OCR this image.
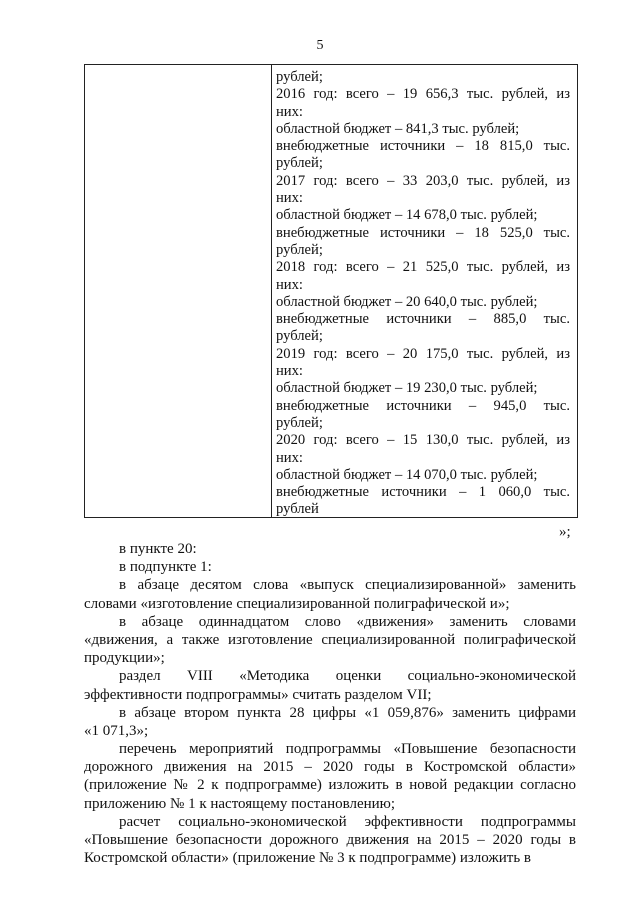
5
рублей;
2016 год: всего – 19 656,3 тыс. рублей, из
них:
областной бюджет – 841,3 тыс. рублей;
внебюджетные источники – 18 815,0 тыс.
рублей;
2017 год: всего – 33 203,0 тыс. рублей, из
них:
областной бюджет – 14 678,0 тыс. рублей;
внебюджетные источники – 18 525,0 тыс.
рублей;
2018 год: всего – 21 525,0 тыс. рублей, из
них:
областной бюджет – 20 640,0 тыс. рублей;
внебюджетные источники – 885,0 тыс.
рублей;
2019 год: всего – 20 175,0 тыс. рублей, из
них:
областной бюджет – 19 230,0 тыс. рублей;
внебюджетные источники – 945,0 тыс.
рублей;
2020 год: всего – 15 130,0 тыс. рублей, из
них:
областной бюджет – 14 070,0 тыс. рублей;
внебюджетные источники – 1 060,0 тыс.
рублей
»;
в пункте 20:
в подпункте 1:
в абзаце десятом слова «выпуск специализированной» заменить
словами «изготовление специализированной полиграфической и»;
в абзаце одиннадцатом слово «движения» заменить словами
«движения, а также изготовление специализированной полиграфической
продукции»;
раздел VIII «Методика оценки социально-экономической
эффективности подпрограммы» считать разделом VII;
в абзаце втором пункта 28 цифры «1 059,876» заменить цифрами
«1 071,3»;
перечень мероприятий подпрограммы «Повышение безопасности
дорожного движения на 2015 – 2020 годы в Костромской области»
(приложение № 2 к подпрограмме) изложить в новой редакции согласно
приложению № 1 к настоящему постановлению;
расчет социально-экономической эффективности подпрограммы
«Повышение безопасности дорожного движения на 2015 – 2020 годы в
Костромской области» (приложение № 3 к подпрограмме) изложить в
